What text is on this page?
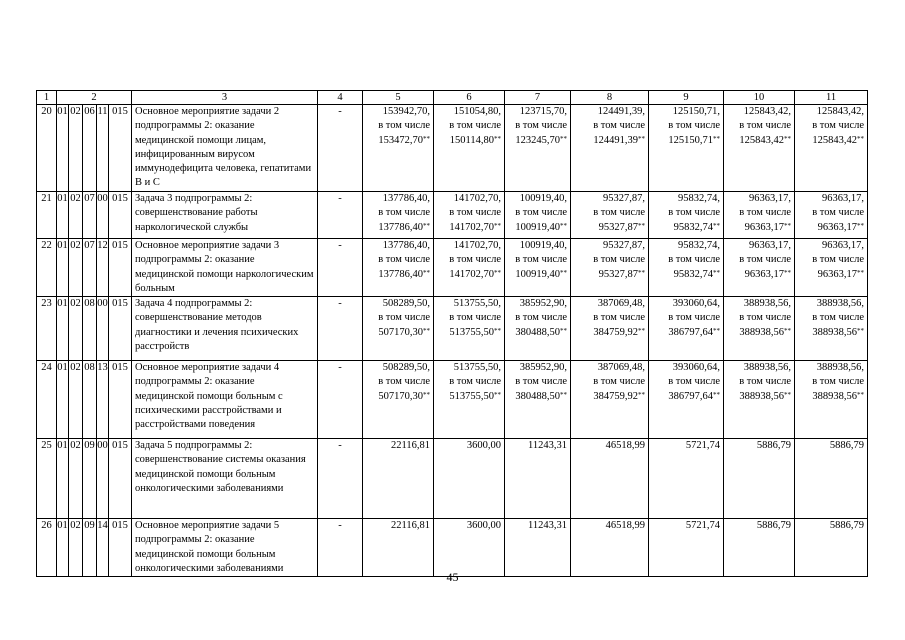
1	2					3	4	5	6	7	8	9	10	11
20	01	02	06	11	015	Основное мероприятие задачи 2 подпрограммы 2: оказание медицинской помощи лицам, инфицированным вирусом иммунодефицита человека, гепатитами В и С	-	153942,70,
в том числе
153472,70**	151054,80,
в том числе
150114,80**	123715,70,
в том числе
123245,70**	124491,39,
в том числе
124491,39**	125150,71,
в том числе
125150,71**	125843,42,
в том числе
125843,42**	125843,42,
в том числе
125843,42**

21	01	02	07	00	015	Задача 3 подпрограммы 2: совершенствование работы наркологической службы	-	137786,40,
в том числе
137786,40**	141702,70,
в том числе
141702,70**	100919,40,
в том числе
100919,40**	95327,87,
в том числе
95327,87**	95832,74,
в том числе
95832,74**	96363,17,
в том числе
96363,17**	96363,17,
в том числе
96363,17**

22	01	02	07	12	015	Основное мероприятие задачи 3 подпрограммы 2: оказание медицинской помощи наркологическим больным	-	137786,40,
в том числе
137786,40**	141702,70,
в том числе
141702,70**	100919,40,
в том числе
100919,40**	95327,87,
в том числе
95327,87**	95832,74,
в том числе
95832,74**	96363,17,
в том числе
96363,17**	96363,17,
в том числе
96363,17**

23	01	02	08	00	015	Задача 4 подпрограммы 2: совершенствование методов диагностики и лечения психических расстройств	-	508289,50,
в том числе
507170,30**	513755,50,
в том числе
513755,50**	385952,90,
в том числе
380488,50**	387069,48,
в том числе
384759,92**	393060,64,
в том числе
386797,64**	388938,56,
в том числе
388938,56**	388938,56,
в том числе
388938,56**

24	01	02	08	13	015	Основное мероприятие задачи 4 подпрограммы 2: оказание медицинской помощи больным с психическими расстройствами и расстройствами поведения	-	508289,50,
в том числе
507170,30**	513755,50,
в том числе
513755,50**	385952,90,
в том числе
380488,50**	387069,48,
в том числе
384759,92**	393060,64,
в том числе
386797,64**	388938,56,
в том числе
388938,56**	388938,56,
в том числе
388938,56**

25	01	02	09	00	015	Задача 5 подпрограммы 2: совершенствование системы оказания медицинской помощи больным онкологическими заболеваниями	-	22116,81	3600,00	11243,31	46518,99	5721,74	5886,79	5886,79

26	01	02	09	14	015	Основное мероприятие задачи 5 подпрограммы 2: оказание медицинской помощи больным онкологическими заболеваниями	-	22116,81	3600,00	11243,31	46518,99	5721,74	5886,79	5886,79
45
